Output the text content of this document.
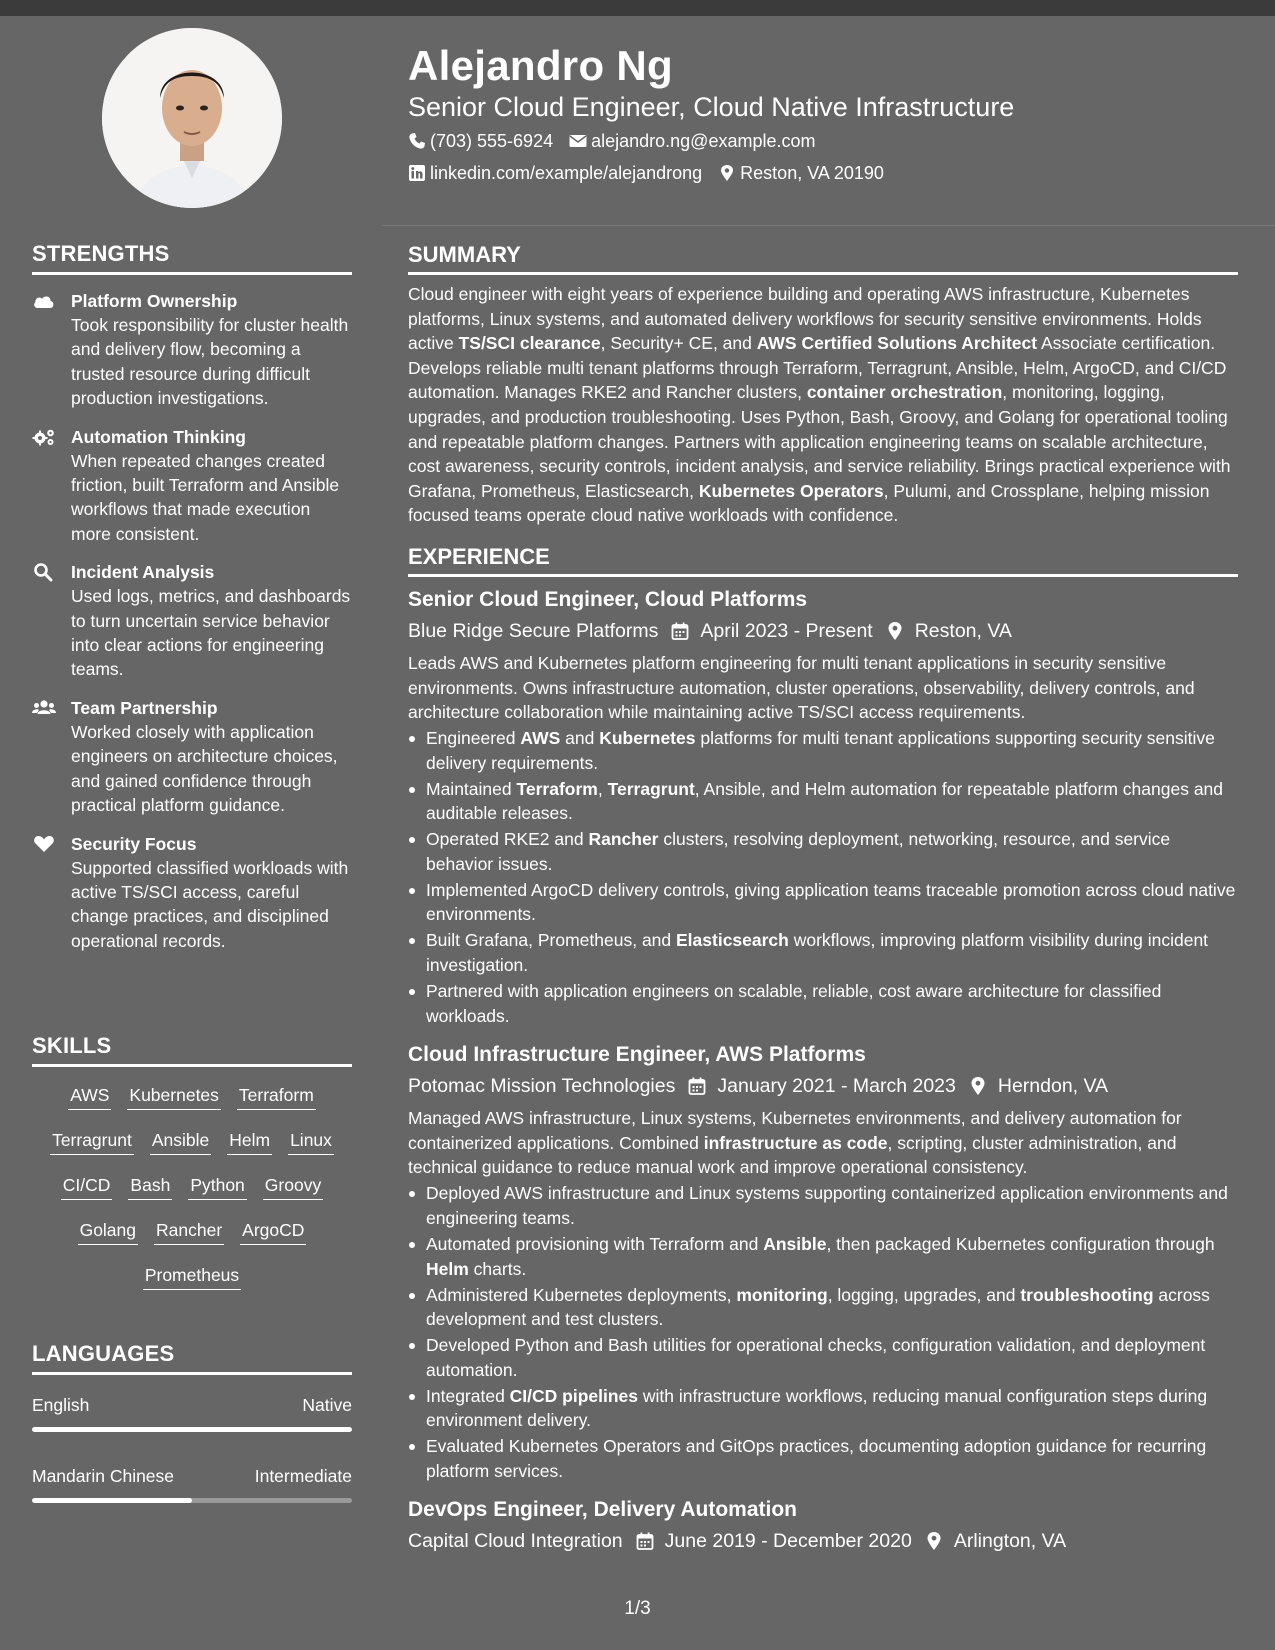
STRENGTHS
Platform Ownership
Took responsibility for cluster health and delivery flow, becoming a trusted resource during difficult production investigations.
Automation Thinking
When repeated changes created friction, built Terraform and Ansible workflows that made execution more consistent.
Incident Analysis
Used logs, metrics, and dashboards to turn uncertain service behavior into clear actions for engineering teams.
Team Partnership
Worked closely with application engineers on architecture choices, and gained confidence through practical platform guidance.
Security Focus
Supported classified workloads with active TS/SCI access, careful change practices, and disciplined operational records.
SKILLS
AWS Kubernetes Terraform
Terragrunt Ansible Helm Linux
CI/CD Bash Python Groovy
Golang Rancher ArgoCD
Prometheus
LANGUAGES
English	Native
Mandarin Chinese	Intermediate
Alejandro Ng
Senior Cloud Engineer, Cloud Native Infrastructure
(703) 555-6924 alejandro.ng@example.com
linkedin.com/example/alejandrong Reston, VA 20190
SUMMARY
Cloud engineer with eight years of experience building and operating AWS infrastructure, Kubernetes platforms, Linux systems, and automated delivery workflows for security sensitive environments. Holds active TS/SCI clearance, Security+ CE, and AWS Certified Solutions Architect Associate certification. Develops reliable multi tenant platforms through Terraform, Terragrunt, Ansible, Helm, ArgoCD, and CI/CD automation. Manages RKE2 and Rancher clusters, container orchestration, monitoring, logging, upgrades, and production troubleshooting. Uses Python, Bash, Groovy, and Golang for operational tooling and repeatable platform changes. Partners with application engineering teams on scalable architecture, cost awareness, security controls, incident analysis, and service reliability. Brings practical experience with Grafana, Prometheus, Elasticsearch, Kubernetes Operators, Pulumi, and Crossplane, helping mission focused teams operate cloud native workloads with confidence.
EXPERIENCE
Senior Cloud Engineer, Cloud Platforms
Blue Ridge Secure Platforms April 2023 - Present Reston, VA
Leads AWS and Kubernetes platform engineering for multi tenant applications in security sensitive environments. Owns infrastructure automation, cluster operations, observability, delivery controls, and architecture collaboration while maintaining active TS/SCI access requirements.
Engineered AWS and Kubernetes platforms for multi tenant applications supporting security sensitive delivery requirements.
Maintained Terraform, Terragrunt, Ansible, and Helm automation for repeatable platform changes and auditable releases.
Operated RKE2 and Rancher clusters, resolving deployment, networking, resource, and service behavior issues.
Implemented ArgoCD delivery controls, giving application teams traceable promotion across cloud native environments.
Built Grafana, Prometheus, and Elasticsearch workflows, improving platform visibility during incident investigation.
Partnered with application engineers on scalable, reliable, cost aware architecture for classified workloads.
Cloud Infrastructure Engineer, AWS Platforms
Potomac Mission Technologies January 2021 - March 2023 Herndon, VA
Managed AWS infrastructure, Linux systems, Kubernetes environments, and delivery automation for containerized applications. Combined infrastructure as code, scripting, cluster administration, and technical guidance to reduce manual work and improve operational consistency.
Deployed AWS infrastructure and Linux systems supporting containerized application environments and engineering teams.
Automated provisioning with Terraform and Ansible, then packaged Kubernetes configuration through Helm charts.
Administered Kubernetes deployments, monitoring, logging, upgrades, and troubleshooting across development and test clusters.
Developed Python and Bash utilities for operational checks, configuration validation, and deployment automation.
Integrated CI/CD pipelines with infrastructure workflows, reducing manual configuration steps during environment delivery.
Evaluated Kubernetes Operators and GitOps practices, documenting adoption guidance for recurring platform services.
DevOps Engineer, Delivery Automation
Capital Cloud Integration June 2019 - December 2020 Arlington, VA
1/3
